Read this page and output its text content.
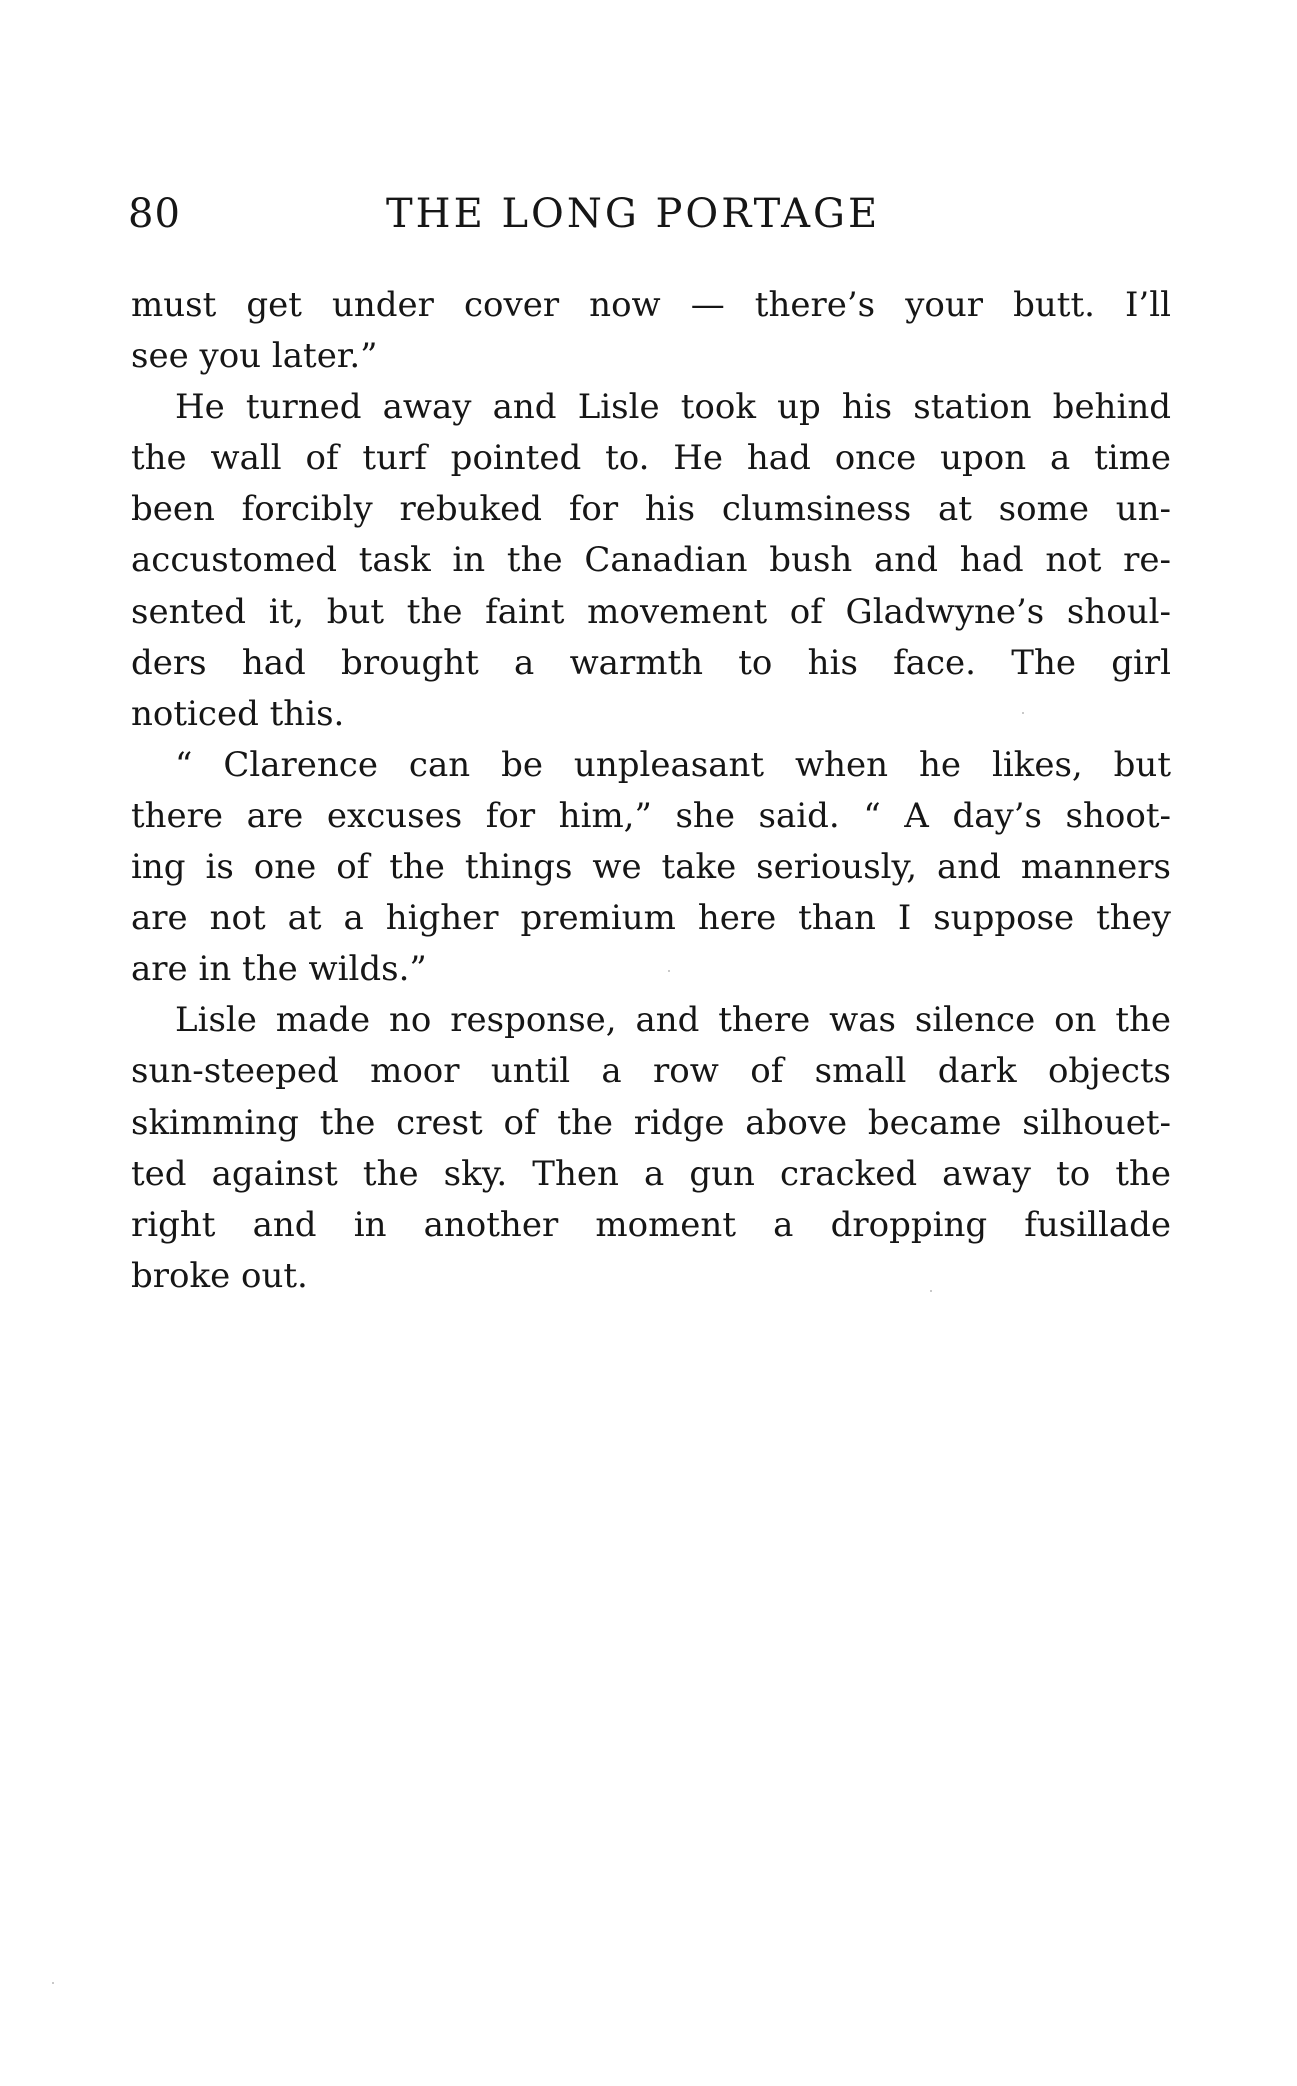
80	THE LONG PORTAGE
must get under cover now — there’s your butt. I’ll
see you later.”
He turned away and Lisle took up his station behind
the wall of turf pointed to. He had once upon a time
been forcibly rebuked for his clumsiness at some un-
accustomed task in the Canadian bush and had not re-
sented it, but the faint movement of Gladwyne’s shoul-
ders had brought a warmth to his face. The girl
noticed this.
“ Clarence can be unpleasant when he likes, but
there are excuses for him,” she said. “ A day’s shoot-
ing is one of the things we take seriously, and manners
are not at a higher premium here than I suppose they
are in the wilds.”
Lisle made no response, and there was silence on the
sun-steeped moor until a row of small dark objects
skimming the crest of the ridge above became silhouet-
ted against the sky. Then a gun cracked away to the
right and in another moment a dropping fusillade
broke out.
